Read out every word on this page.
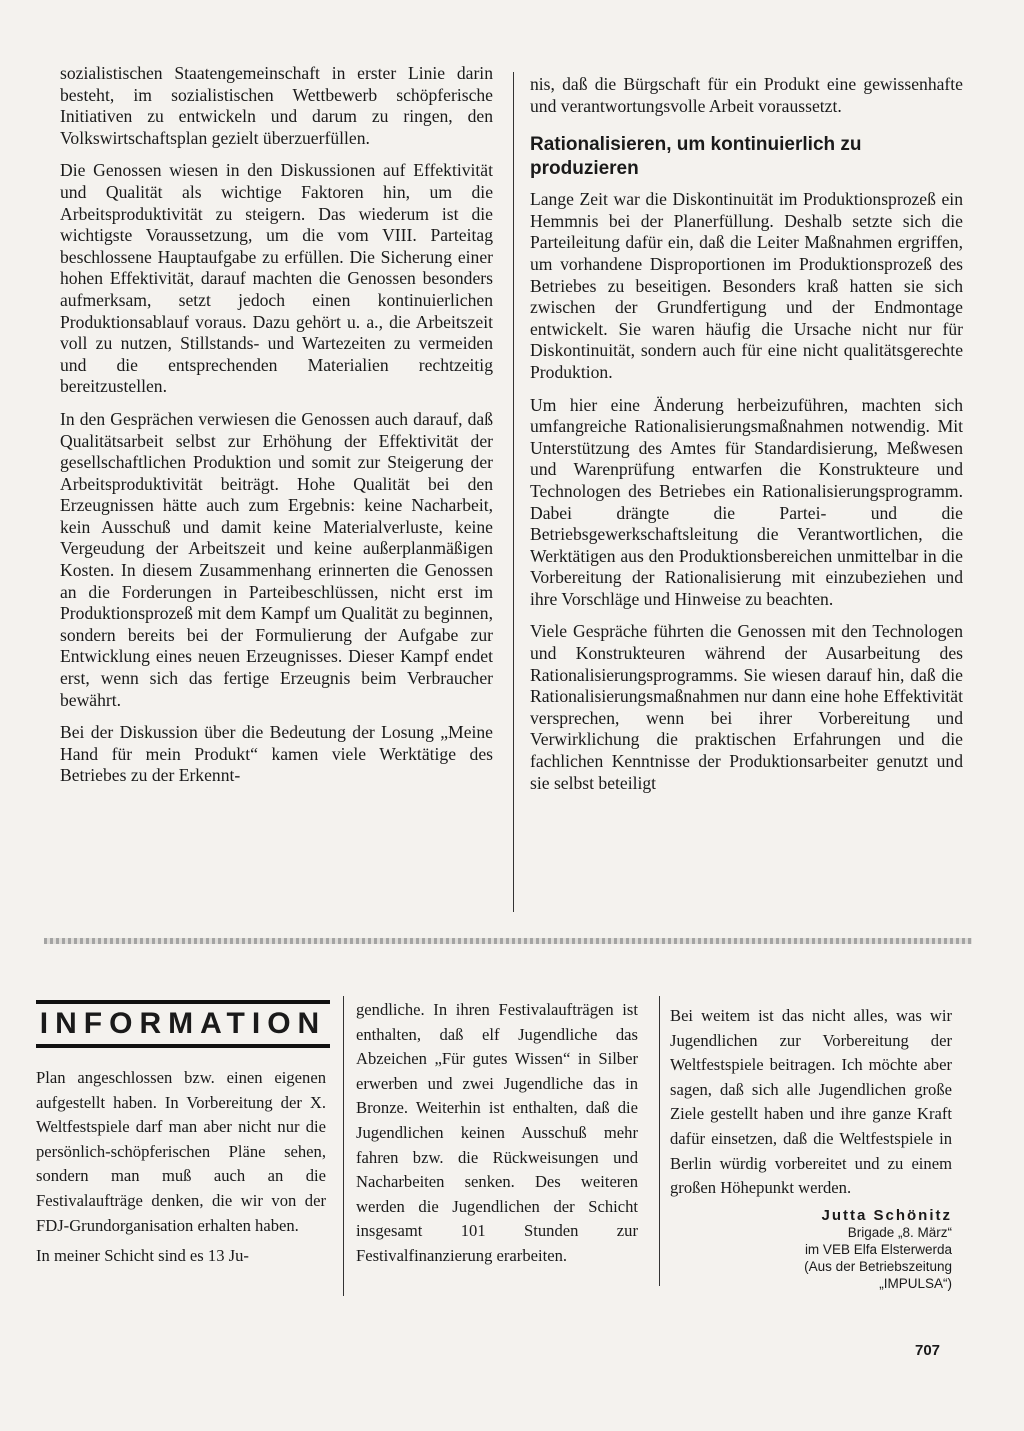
sozialistischen Staatengemeinschaft in erster Linie darin besteht, im sozialistischen Wettbewerb schöpferische Initiativen zu entwickeln und darum zu ringen, den Volkswirtschaftsplan gezielt überzuerfüllen.

Die Genossen wiesen in den Diskussionen auf Effektivität und Qualität als wichtige Faktoren hin, um die Arbeitsproduktivität zu steigern. Das wiederum ist die wichtigste Voraussetzung, um die vom VIII. Parteitag beschlossene Hauptaufgabe zu erfüllen. Die Sicherung einer hohen Effektivität, darauf machten die Genossen besonders aufmerksam, setzt jedoch einen kontinuierlichen Produktionsablauf voraus. Dazu gehört u. a., die Arbeitszeit voll zu nutzen, Stillstands- und Wartezeiten zu vermeiden und die entsprechenden Materialien rechtzeitig bereitzustellen.

In den Gesprächen verwiesen die Genossen auch darauf, daß Qualitätsarbeit selbst zur Erhöhung der Effektivität der gesellschaftlichen Produktion und somit zur Steigerung der Arbeitsproduktivität beiträgt. Hohe Qualität bei den Erzeugnissen hätte auch zum Ergebnis: keine Nacharbeit, kein Ausschuß und damit keine Materialverluste, keine Vergeudung der Arbeitszeit und keine außerplanmäßigen Kosten. In diesem Zusammenhang erinnerten die Genossen an die Forderungen in Parteibeschlüssen, nicht erst im Produktionsprozeß mit dem Kampf um Qualität zu beginnen, sondern bereits bei der Formulierung der Aufgabe zur Entwicklung eines neuen Erzeugnisses. Dieser Kampf endet erst, wenn sich das fertige Erzeugnis beim Verbraucher bewährt.

Bei der Diskussion über die Bedeutung der Losung „Meine Hand für mein Produkt“ kamen viele Werktätige des Betriebes zu der Erkennt-

nis, daß die Bürgschaft für ein Produkt eine gewissenhafte und verantwortungsvolle Arbeit voraussetzt.

Rationalisieren, um kontinuierlich zu produzieren

Lange Zeit war die Diskontinuität im Produktionsprozeß ein Hemmnis bei der Planerfüllung. Deshalb setzte sich die Parteileitung dafür ein, daß die Leiter Maßnahmen ergriffen, um vorhandene Disproportionen im Produktionsprozeß des Betriebes zu beseitigen. Besonders kraß hatten sie sich zwischen der Grundfertigung und der Endmontage entwickelt. Sie waren häufig die Ursache nicht nur für Diskontinuität, sondern auch für eine nicht qualitätsgerechte Produktion.

Um hier eine Änderung herbeizuführen, machten sich umfangreiche Rationalisierungsmaßnahmen notwendig. Mit Unterstützung des Amtes für Standardisierung, Meßwesen und Warenprüfung entwarfen die Konstrukteure und Technologen des Betriebes ein Rationalisierungsprogramm. Dabei drängte die Partei- und die Betriebsgewerkschaftsleitung die Verantwortlichen, die Werktätigen aus den Produktionsbereichen unmittelbar in die Vorbereitung der Rationalisierung mit einzubeziehen und ihre Vorschläge und Hinweise zu beachten.

Viele Gespräche führten die Genossen mit den Technologen und Konstrukteuren während der Ausarbeitung des Rationalisierungsprogramms. Sie wiesen darauf hin, daß die Rationalisierungsmaßnahmen nur dann eine hohe Effektivität versprechen, wenn bei ihrer Vorbereitung und Verwirklichung die praktischen Erfahrungen und die fachlichen Kenntnisse der Produktionsarbeiter genutzt und sie selbst beteiligt

INFORMATION

Plan angeschlossen bzw. einen eigenen aufgestellt haben. In Vorbereitung der X. Weltfestspiele darf man aber nicht nur die persönlich-schöpferischen Pläne sehen, sondern man muß auch an die Festivalaufträge denken, die wir von der FDJ-Grundorganisation erhalten haben.

In meiner Schicht sind es 13 Ju-

gendliche. In ihren Festivalaufträgen ist enthalten, daß elf Jugendliche das Abzeichen „Für gutes Wissen“ in Silber erwerben und zwei Jugendliche das in Bronze. Weiterhin ist enthalten, daß die Jugendlichen keinen Ausschuß mehr fahren bzw. die Rückweisungen und Nacharbeiten senken. Des weiteren werden die Jugendlichen der Schicht insgesamt 101 Stunden zur Festivalfinanzierung erarbeiten.

Bei weitem ist das nicht alles, was wir Jugendlichen zur Vorbereitung der Weltfestspiele beitragen. Ich möchte aber sagen, daß sich alle Jugendlichen große Ziele gestellt haben und ihre ganze Kraft dafür einsetzen, daß die Weltfestspiele in Berlin würdig vorbereitet und zu einem großen Höhepunkt werden.

Jutta Schönitz
Brigade „8. März“
im VEB Elfa Elsterwerda
(Aus der Betriebszeitung
„IMPULSA“)
707
